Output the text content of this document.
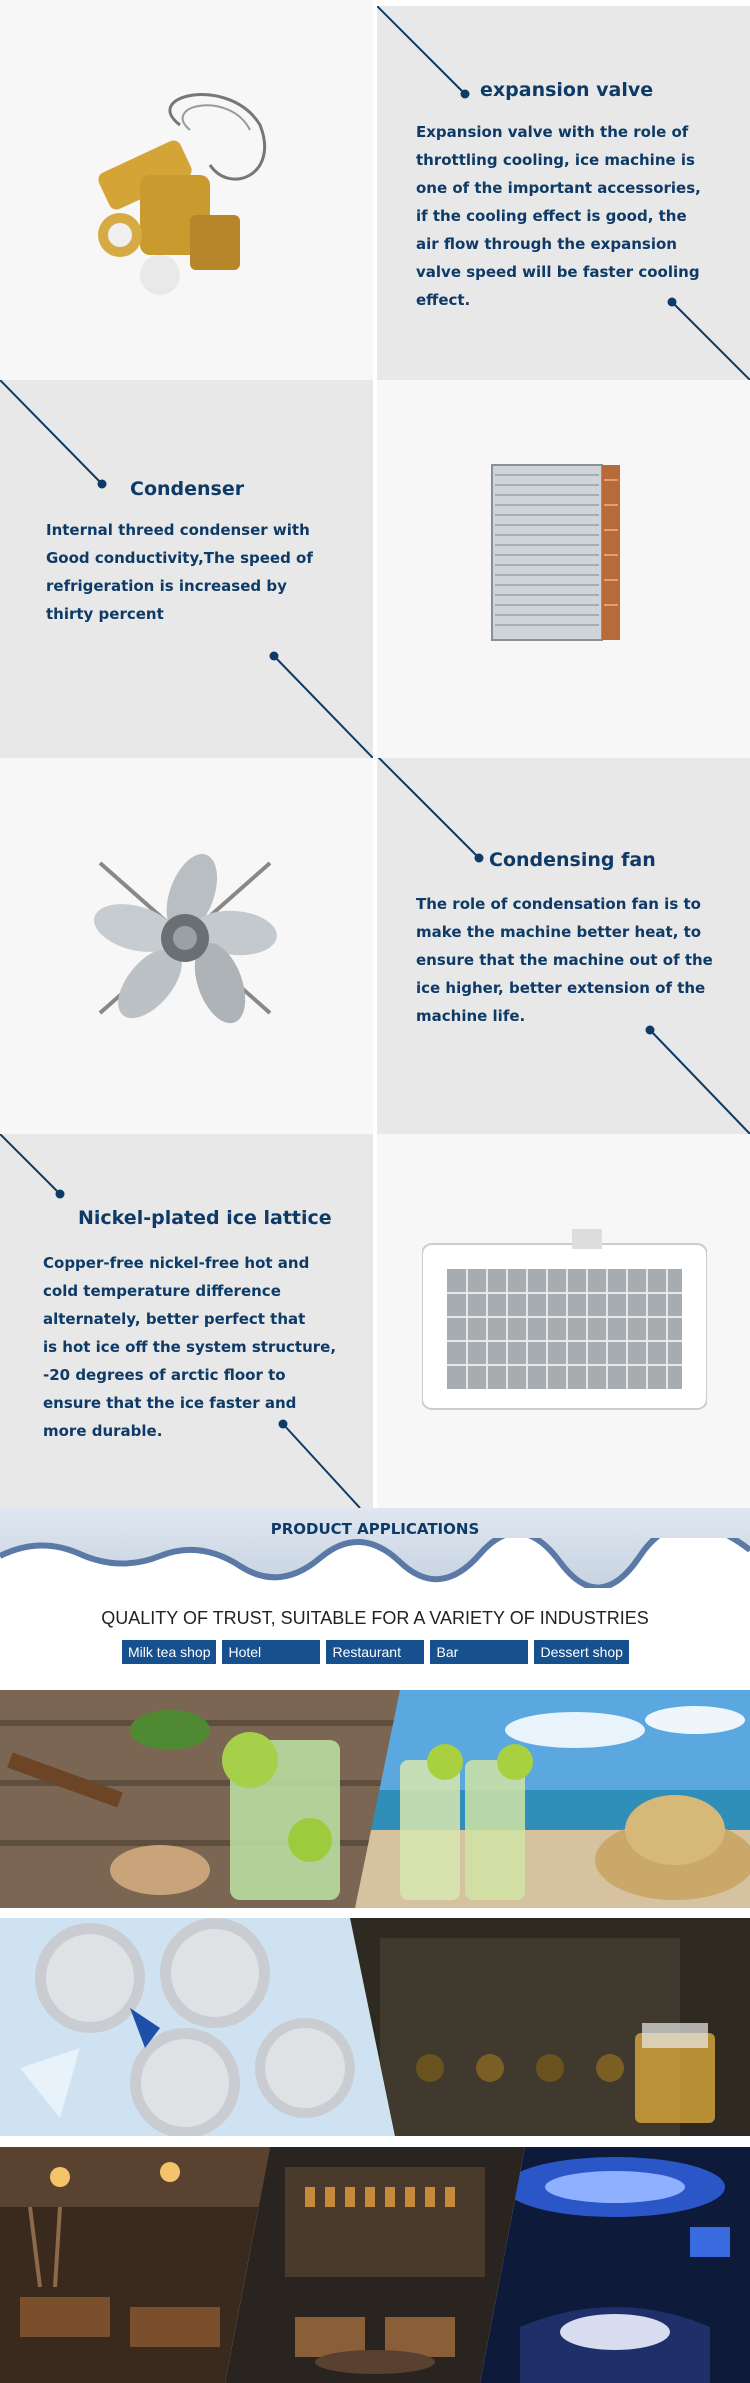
expansion valve
Expansion valve with the role of
throttling cooling, ice machine is
one of the important accessories,
if the cooling effect is good, the
air flow through the expansion
valve speed will be faster cooling
effect.
Condenser
Internal threed condenser with
Good conductivity,The speed of
refrigeration is increased by
thirty percent
Condensing fan
The role of condensation fan is to
make the machine better heat, to
ensure that the machine out of the
ice higher, better extension of the
machine life.
Nickel-plated ice lattice
Copper-free nickel-free hot and
cold temperature difference
alternately, better perfect that
is hot ice off the system structure,
-20 degrees of arctic floor to
ensure that the ice faster and
more durable.
PRODUCT APPLICATIONS
QUALITY OF TRUST, SUITABLE FOR A VARIETY OF INDUSTRIES
Milk tea shop	Hotel	Restaurant	Bar	Dessert shop
